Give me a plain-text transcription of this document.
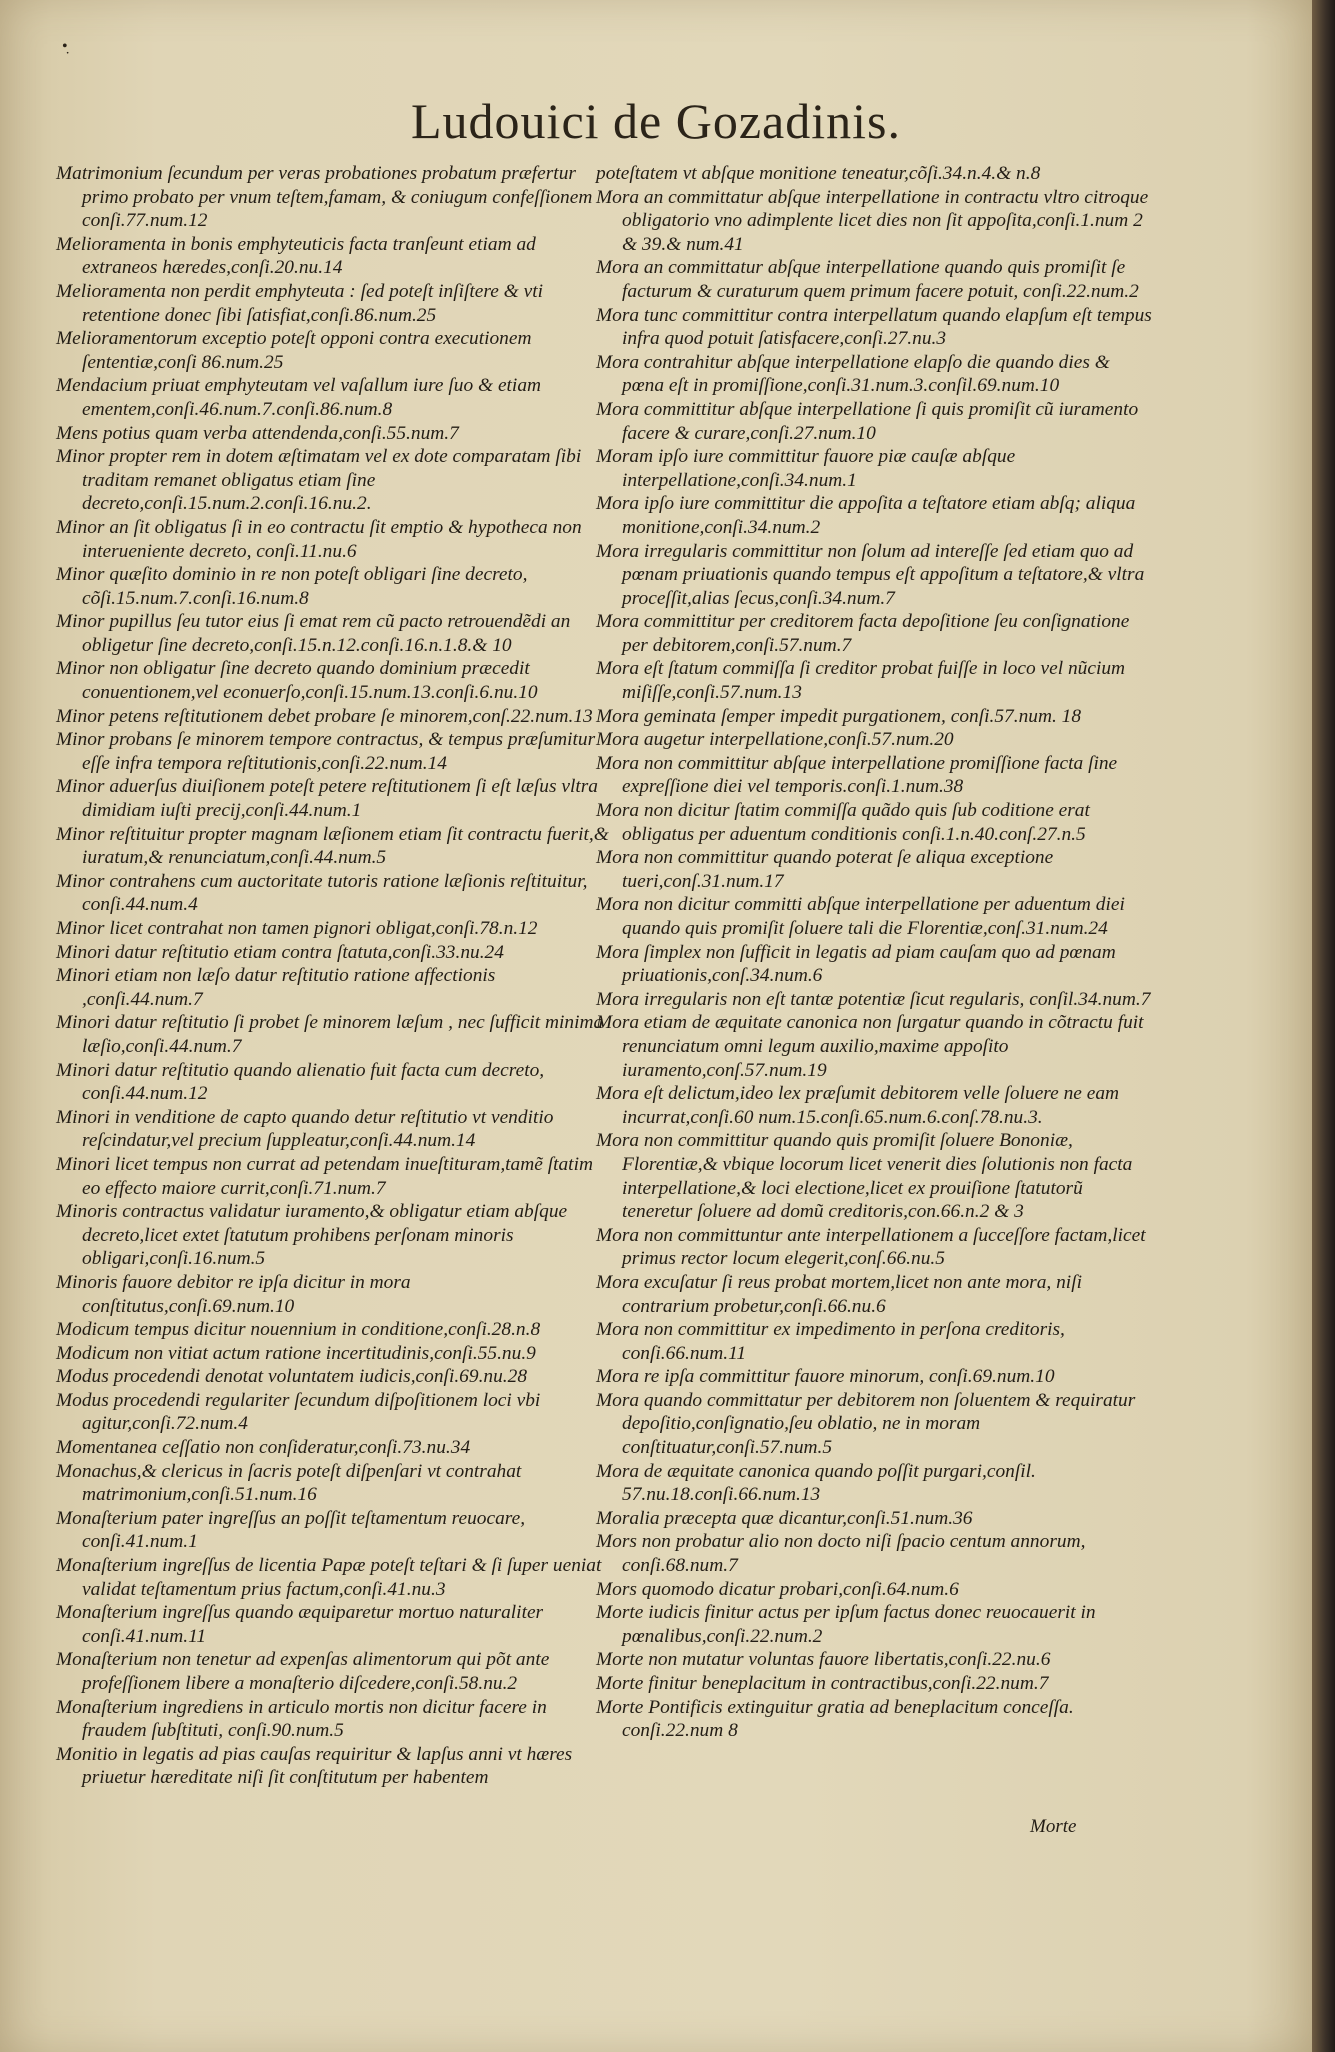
Ludouici de Gozadinis.

Matrimonium ſecundum per veras probationes probatum præfertur primo probato per vnum teſtem,famam, & coniugum confeſſionem conſi.77.num.12

Melioramenta in bonis emphyteuticis facta tranſeunt etiam ad extraneos hæredes,conſi.20.nu.14

Melioramenta non perdit emphyteuta : ſed poteſt inſiſtere & vti retentione donec ſibi ſatisfiat,conſi.86.num.25

Melioramentorum exceptio poteſt opponi contra executionem ſententiæ,conſi 86.num.25

Mendacium priuat emphyteutam vel vaſallum iure ſuo & etiam ementem,conſi.46.num.7.conſi.86.num.8

Mens potius quam verba attendenda,conſi.55.num.7

Minor propter rem in dotem æſtimatam vel ex dote comparatam ſibi traditam remanet obligatus etiam ſine decreto,conſi.15.num.2.conſi.16.nu.2.

Minor an ſit obligatus ſi in eo contractu ſit emptio & hypotheca non interueniente decreto, conſi.11.nu.6

Minor quæſito dominio in re non poteſt obligari ſine decreto, cõſi.15.num.7.conſi.16.num.8

Minor pupillus ſeu tutor eius ſi emat rem cũ pacto retrouendẽdi an obligetur ſine decreto,conſi.15.n.12.conſi.16.n.1.8.& 10

Minor non obligatur ſine decreto quando dominium præcedit conuentionem,vel econuerſo,conſi.15.num.13.conſi.6.nu.10

Minor petens reſtitutionem debet probare ſe minorem,conſ.22.num.13

Minor probans ſe minorem tempore contractus, & tempus præſumitur eſſe infra tempora reſtitutionis,conſi.22.num.14

Minor aduerſus diuiſionem poteſt petere reſtitutionem ſi eſt læſus vltra dimidiam iuſti precij,conſi.44.num.1

Minor reſtituitur propter magnam læſionem etiam ſit contractu fuerit,& iuratum,& renunciatum,conſi.44.num.5

Minor contrahens cum auctoritate tutoris ratione læſionis reſtituitur, conſi.44.num.4

Minor licet contrahat non tamen pignori obligat,conſi.78.n.12

Minori datur reſtitutio etiam contra ſtatuta,conſi.33.nu.24

Minori etiam non læſo datur reſtitutio ratione affectionis ,conſi.44.num.7

Minori datur reſtitutio ſi probet ſe minorem læſum , nec ſufficit minima læſio,conſi.44.num.7

Minori datur reſtitutio quando alienatio fuit facta cum decreto, conſi.44.num.12

Minori in venditione de capto quando detur reſtitutio vt venditio reſcindatur,vel precium ſuppleatur,conſi.44.num.14

Minori licet tempus non currat ad petendam inueſtituram,tamẽ ſtatim eo effecto maiore currit,conſi.71.num.7

Minoris contractus validatur iuramento,& obligatur etiam abſque decreto,licet extet ſtatutum prohibens perſonam minoris obligari,conſi.16.num.5

Minoris fauore debitor re ipſa dicitur in mora conſtitutus,conſi.69.num.10

Modicum tempus dicitur nouennium in conditione,conſi.28.n.8

Modicum non vitiat actum ratione incertitudinis,conſi.55.nu.9

Modus procedendi denotat voluntatem iudicis,conſi.69.nu.28

Modus procedendi regulariter ſecundum diſpoſitionem loci vbi agitur,conſi.72.num.4

Momentanea ceſſatio non conſideratur,conſi.73.nu.34

Monachus,& clericus in ſacris poteſt diſpenſari vt contrahat matrimonium,conſi.51.num.16

Monaſterium pater ingreſſus an poſſit teſtamentum reuocare, conſi.41.num.1

Monaſterium ingreſſus de licentia Papæ poteſt teſtari & ſi ſuper ueniat validat teſtamentum prius factum,conſi.41.nu.3

Monaſterium ingreſſus quando æquiparetur mortuo naturaliter conſi.41.num.11

Monaſterium non tenetur ad expenſas alimentorum qui põt ante profeſſionem libere a monaſterio diſcedere,conſi.58.nu.2

Monaſterium ingrediens in articulo mortis non dicitur facere in fraudem ſubſtituti, conſi.90.num.5

Monitio in legatis ad pias cauſas requiritur & lapſus anni vt hæres priuetur hæreditate niſi ſit conſtitutum per habentem

poteſtatem vt abſque monitione teneatur,cõſi.34.n.4.& n.8

Mora an committatur abſque interpellatione in contractu vltro citroque obligatorio vno adimplente licet dies non ſit appoſita,conſi.1.num 2 & 39.& num.41

Mora an committatur abſque interpellatione quando quis promiſit ſe facturum & curaturum quem primum facere potuit, conſi.22.num.2

Mora tunc committitur contra interpellatum quando elapſum eſt tempus infra quod potuit ſatisfacere,conſi.27.nu.3

Mora contrahitur abſque interpellatione elapſo die quando dies & pœna eſt in promiſſione,conſi.31.num.3.conſil.69.num.10

Mora committitur abſque interpellatione ſi quis promiſit cũ iuramento facere & curare,conſi.27.num.10

Moram ipſo iure committitur fauore piæ cauſæ abſque interpellatione,conſi.34.num.1

Mora ipſo iure committitur die appoſita a teſtatore etiam abſq; aliqua monitione,conſi.34.num.2

Mora irregularis committitur non ſolum ad intereſſe ſed etiam quo ad pœnam priuationis quando tempus eſt appoſitum a teſtatore,& vltra proceſſit,alias ſecus,conſi.34.num.7

Mora committitur per creditorem facta depoſitione ſeu conſignatione per debitorem,conſi.57.num.7

Mora eſt ſtatum commiſſa ſi creditor probat fuiſſe in loco vel nũcium miſiſſe,conſi.57.num.13

Mora geminata ſemper impedit purgationem, conſi.57.num. 18

Mora augetur interpellatione,conſi.57.num.20

Mora non committitur abſque interpellatione promiſſione facta ſine expreſſione diei vel temporis.conſi.1.num.38

Mora non dicitur ſtatim commiſſa quãdo quis ſub coditione erat obligatus per aduentum conditionis conſi.1.n.40.conſ.27.n.5

Mora non committitur quando poterat ſe aliqua exceptione tueri,conſ.31.num.17

Mora non dicitur committi abſque interpellatione per aduentum diei quando quis promiſit ſoluere tali die Florentiæ,conſ.31.num.24

Mora ſimplex non ſufficit in legatis ad piam cauſam quo ad pœnam priuationis,conſ.34.num.6

Mora irregularis non eſt tantæ potentiæ ſicut regularis, conſil.34.num.7

Mora etiam de æquitate canonica non ſurgatur quando in cõtractu fuit renunciatum omni legum auxilio,maxime appoſito iuramento,conſ.57.num.19

Mora eſt delictum,ideo lex præſumit debitorem velle ſoluere ne eam incurrat,conſi.60 num.15.conſi.65.num.6.conſ.78.nu.3.

Mora non committitur quando quis promiſit ſoluere Bononiæ, Florentiæ,& vbique locorum licet venerit dies ſolutionis non facta interpellatione,& loci electione,licet ex prouiſione ſtatutorũ teneretur ſoluere ad domũ creditoris,con.66.n.2 & 3

Mora non committuntur ante interpellationem a ſucceſſore factam,licet primus rector locum elegerit,conſ.66.nu.5

Mora excuſatur ſi reus probat mortem,licet non ante mora, niſi contrarium probetur,conſi.66.nu.6

Mora non committitur ex impedimento in perſona creditoris, conſi.66.num.11

Mora re ipſa committitur fauore minorum, conſi.69.num.10

Mora quando committatur per debitorem non ſoluentem & requiratur depoſitio,conſignatio,ſeu oblatio, ne in moram conſtituatur,conſi.57.num.5

Mora de æquitate canonica quando poſſit purgari,conſil. 57.nu.18.conſi.66.num.13

Moralia præcepta quæ dicantur,conſi.51.num.36

Mors non probatur alio non docto niſi ſpacio centum annorum, conſi.68.num.7

Mors quomodo dicatur probari,conſi.64.num.6

Morte iudicis finitur actus per ipſum factus donec reuocauerit in pœnalibus,conſi.22.num.2

Morte non mutatur voluntas fauore libertatis,conſi.22.nu.6

Morte finitur beneplacitum in contractibus,conſi.22.num.7

Morte Pontificis extinguitur gratia ad beneplacitum conceſſa. conſi.22.num 8

Morte
•̣
